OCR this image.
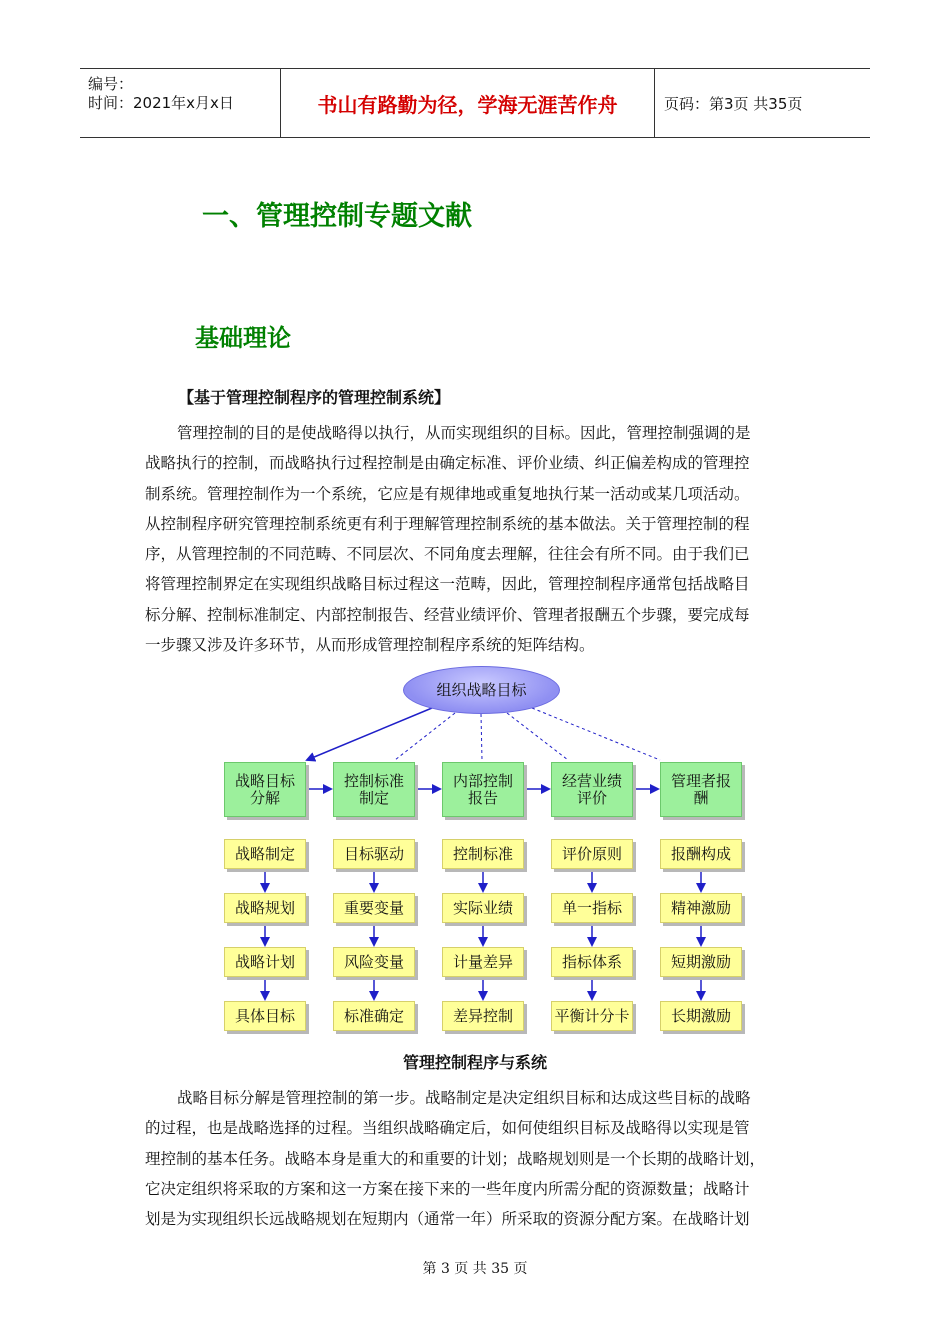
编号：
时间：2021年x月x日	书山有路勤为径，学海无涯苦作舟	页码：第3页 共35页
一、管理控制专题文献
基础理论
【基于管理控制程序的管理控制系统】
管理控制的目的是使战略得以执行，从而实现组织的目标。因此，管理控制强调的是
战略执行的控制，而战略执行过程控制是由确定标准、评价业绩、纠正偏差构成的管理控
制系统。管理控制作为一个系统，它应是有规律地或重复地执行某一活动或某几项活动。
从控制程序研究管理控制系统更有利于理解管理控制系统的基本做法。关于管理控制的程
序，从管理控制的不同范畴、不同层次、不同角度去理解，往往会有所不同。由于我们已
将管理控制界定在实现组织战略目标过程这一范畴，因此，管理控制程序通常包括战略目
标分解、控制标准制定、内部控制报告、经营业绩评价、管理者报酬五个步骤，要完成每
一步骤又涉及许多环节，从而形成管理控制程序系统的矩阵结构。
组织战略目标
战略目标分解
控制标准制定
内部控制报告
经营业绩评价
管理者报酬
战略制定
战略规划
战略计划
具体目标
目标驱动
重要变量
风险变量
标准确定
控制标准
实际业绩
计量差异
差异控制
评价原则
单一指标
指标体系
平衡计分卡
报酬构成
精神激励
短期激励
长期激励
管理控制程序与系统
战略目标分解是管理控制的第一步。战略制定是决定组织目标和达成这些目标的战略
的过程，也是战略选择的过程。当组织战略确定后，如何使组织目标及战略得以实现是管
理控制的基本任务。战略本身是重大的和重要的计划；战略规划则是一个长期的战略计划，
它决定组织将采取的方案和这一方案在接下来的一些年度内所需分配的资源数量；战略计
划是为实现组织长远战略规划在短期内（通常一年）所采取的资源分配方案。在战略计划
第 3 页 共 35 页
